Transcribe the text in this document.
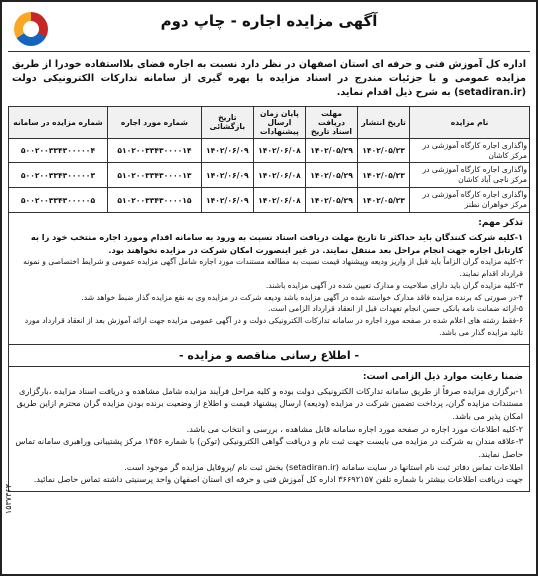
آگهی مزایده اجاره - چاپ دوم

اداره کل آموزش فنی و حرفه ای استان اصفهان در نظر دارد نسبت به اجاره فضای بلااستفاده خودرا از طریق مزایده عمومی و با جزئیات مندرج در اسناد مزایده با بهره گیری از سامانه تدارکات الکترونیکی دولت (setadiran.ir) به شرح ذیل اقدام نماید.

نام مزایده	تاریخ انتشار	مهلت دریافت اسناد تاریخ	پایان زمان ارسال پیشنهادات	تاریخ بازگشائی	شماره مورد اجاره	شماره مزایده در سامانه
واگذاری اجاره کارگاه آموزشی در مرکز کاشان	۱۴۰۲/۰۵/۲۳	۱۴۰۲/۰۵/۲۹	۱۴۰۲/۰۶/۰۸	۱۴۰۲/۰۶/۰۹	۵۱۰۲۰۰۳۳۴۳۰۰۰۰۱۴	۵۰۰۲۰۰۳۳۴۳۰۰۰۰۰۴
واگذاری اجاره کارگاه آموزشی در مرکز ناجی آباد کاشان	۱۴۰۲/۰۵/۲۳	۱۴۰۲/۰۵/۲۹	۱۴۰۲/۰۶/۰۸	۱۴۰۲/۰۶/۰۹	۵۱۰۲۰۰۳۳۴۳۰۰۰۰۱۳	۵۰۰۲۰۰۳۳۴۳۰۰۰۰۰۳
واگذاری اجاره کارگاه آموزشی در مرکز خواهران نطنز	۱۴۰۲/۰۵/۲۳	۱۴۰۲/۰۵/۲۹	۱۴۰۲/۰۶/۰۸	۱۴۰۲/۰۶/۰۹	۵۱۰۲۰۰۳۳۴۳۰۰۰۰۱۵	۵۰۰۲۰۰۳۳۴۳۰۰۰۰۰۵
تذکر مهم:

۱-کلیه شرکت کنندگان باید حداکثر تا تاریخ مهلت دریافت اسناد نسبت به ورود به سامانه اقدام ومورد اجاره منتخب خود را به کارتابل اجاره جهت انجام مراحل بعد منتقل نمایند. در غیر اینصورت امکان شرکت در مزایده نخواهند بود.

۲-کلیه مزایده گران الزاماً باید قبل از واریز ودیعه وپیشنهاد قیمت نسبت به مطالعه مستندات مورد اجاره شامل آگهی مزایده عمومی و شرایط اختصاصی و نمونه قرارداد اقدام نمایند.

۳-کلیه مزایده گران باید دارای صلاحیت و مدارک تعیین شده در آگهی مزایده باشند.

۴-در صورتی که برنده مزایده فاقد مدارک خواسته شده در آگهی مزایده باشد ودیعه شرکت در مزایده وی به نفع مزایده گذار ضبط خواهد شد.

۵-ارائه ضمانت نامه بانکی حسن انجام تعهدات قبل از انعقاد قرارداد الزامی است.

۶-فقط رشته های اعلام شده در صفحه مورد اجاره در سامانه تدارکات الکترونیکی دولت و در آگهی عمومی مزایده جهت ارائه آموزش بعد از انعقاد قرارداد مورد تائید مزایده گذار می باشد.

- اطلاع رسانی مناقصه و مزایده -
ضمنا رعایت موارد ذیل الزامی است:

۱-برگزاری مزایده صرفاً از طریق سامانه تدارکات الکترونیکی دولت بوده و کلیه مراحل فرآیند مزایده شامل مشاهده و دریافت اسناد مزایده ،بارگزاری مستندات مزایده گران، پرداخت تضمین شرکت در مزایده (ودیعه) ارسال پیشنهاد قیمت و اطلاع از وضعیت برنده بودن مزایده گران محترم ازاین طریق امکان پذیر می باشد.

۲-کلیه اطلاعات مورد اجاره در صفحه مورد اجاره سامانه قابل مشاهده ، بررسی و انتخاب می باشد.

۳-علاقه مندان به شرکت در مزایده می بایست جهت ثبت نام و دریافت گواهی الکترونیکی (توکن) با شماره ۱۴۵۶ مرکز پشتیبانی وراهبری سامانه تماس حاصل نمایند.

اطلاعات تماس دفاتر ثبت نام استانها در سایت سامانه (setadiran.ir) بخش ثبت نام /پروفایل مزایده گر موجود است.

جهت دریافت اطلاعات بیشتر با شماره تلفن ۳۶۶۹۲۱۵۷ اداره کل آموزش فنی و حرفه ای استان اصفهان واحد پرسنیتی داشته تماس حاصل نمائید.

۱۵۳۷۳۶۳
